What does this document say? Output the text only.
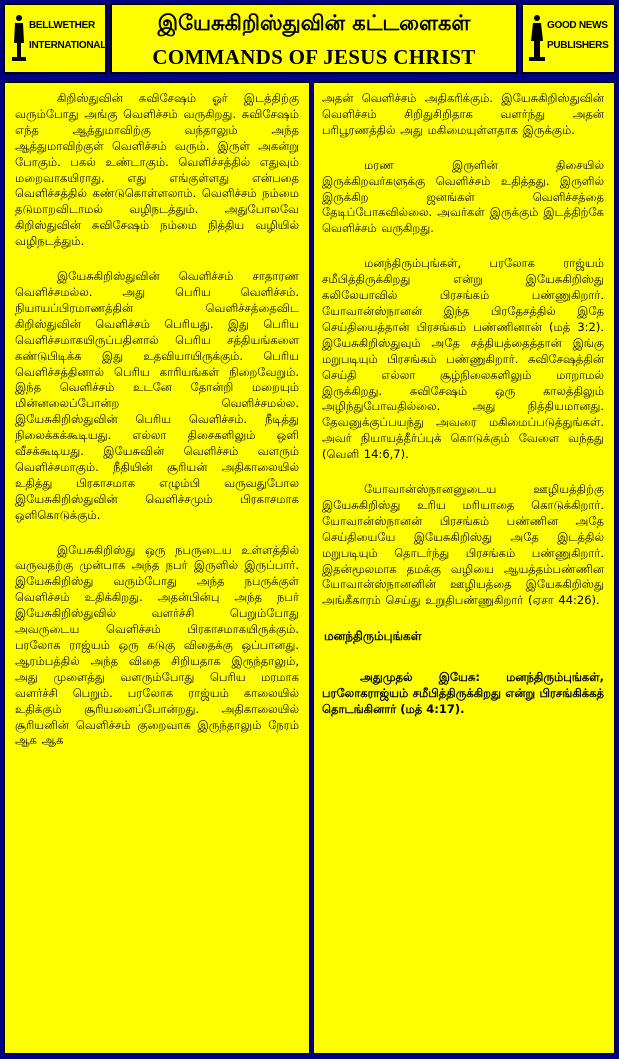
BELLWETHER
INTERNATIONAL
இயேசுகிறிஸ்துவின் கட்டளைகள்
COMMANDS OF JESUS CHRIST
GOOD NEWS
PUBLISHERS

கிறிஸ்துவின் சுவிசேஷம் ஓர் இடத்திற்கு வரும்போது அங்கு வெளிச்சம் வருகிறது. சுவிசேஷம் எந்த ஆத்துமாவிற்கு வந்தாலும் அந்த ஆத்துமாவிற்குள் வெளிச்சம் வரும். இருள் அகன்று போகும். பகல் உண்டாகும். வெளிச்சத்தில் எதுவும் மறைவாகயிராது. எது எங்குள்ளது என்பதை வெளிச்சத்தில் கண்டுகொள்ளலாம். வெளிச்சம் நம்மை தடுமாறவிடாமல் வழிநடத்தும். அதுபோலவே கிறிஸ்துவின் சுவிசேஷம் நம்மை நித்திய வழியில் வழிநடத்தும்.

இயேசுகிறிஸ்துவின் வெளிச்சம் சாதாரண வெளிச்சமல்ல. அது பெரிய வெளிச்சம். நியாயப்பிரமாணத்தின் வெளிச்சத்தைவிட கிறிஸ்துவின் வெளிச்சம் பெரியது. இது பெரிய வெளிச்சமாகயிருப்பதினால் பெரிய சத்தியங்களை கண்டுபிடிக்க இது உதவியாயிருக்கும். பெரிய வெளிச்சத்தினால் பெரிய காரியங்கள் நிறைவேறும். இந்த வெளிச்சம் உடனே தோன்றி மறையும் மின்னலைப்போன்ற வெளிச்சமல்ல. இயேசுகிறிஸ்துவின் பெரிய வெளிச்சம். நீடித்து நிலைக்கக்கூடியது. எல்லா திசைகளிலும் ஒளி வீசக்கூடியது. இயேசுவின் வெளிச்சம் வளரும் வெளிச்சமாகும். நீதியின் சூரியன் அதிகாலையில் உதித்து பிரகாசமாக எழும்பி வருவதுபோல இயேசுகிறிஸ்துவின் வெளிச்சமும் பிரகாசமாக ஒளிகொடுக்கும்.

இயேசுகிறிஸ்து ஒரு நபருடைய உள்ளத்தில் வருவதற்கு முன்பாக அந்த நபர் இருளில் இருப்பார். இயேசுகிறிஸ்து வரும்போது அந்த நபருக்குள் வெளிச்சம் உதிக்கிறது. அதன்பின்பு அந்த நபர் இயேசுகிறிஸ்துவில் வளர்ச்சி பெறும்போது அவருடைய வெளிச்சம் பிரகாசமாகயிருக்கும். பரலோக ராஜ்யம் ஒரு கடுகு விதைக்கு ஒப்பானது. ஆரம்பத்தில் அந்த விதை சிறியதாக இருந்தாலும், அது முளைத்து வளரும்போது பெரிய மரமாக வளர்ச்சி பெறும். பரலோக ராஜ்யம் காலையில் உதிக்கும் சூரியனைப்போன்றது. அதிகாலையில் சூரியனின் வெளிச்சம் குறைவாக இருந்தாலும் நேரம் ஆக ஆக

அதன் வெளிச்சம் அதிகரிக்கும். இயேசுகிறிஸ்துவின் வெளிச்சம் சிறிதுசிறிதாக வளர்ந்து அதன் பரிபூரணத்தில் அது மகிமையுள்ளதாக இருக்கும்.

மரண இருளின் திசையில் இருக்கிறவர்களுக்கு வெளிச்சம் உதித்தது. இருளில் இருக்கிற ஜனங்கள் வெளிச்சத்தை தேடிப்போகவில்லை. அவர்கள் இருக்கும் இடத்திற்கே வெளிச்சம் வருகிறது.

மனந்திரும்புங்கள், பரலோக ராஜ்யம் சமீபித்திருக்கிறது என்று இயேசுகிறிஸ்து கலிலேயாவில் பிரசங்கம் பண்ணுகிறார். யோவான்ஸ்நானன் இந்த பிரதேசத்தில் இதே செய்தியைத்தான் பிரசங்கம் பண்ணினான் (மத் 3:2). இயேசுகிறிஸ்துவும் அதே சத்தியத்தைத்தான் இங்கு மறுபடியும் பிரசங்கம் பண்ணுகிறார். சுவிசேஷத்தின் செய்தி எல்லா சூழ்நிலைகளிலும் மாறாமல் இருக்கிறது. சுவிசேஷம் ஒரு காலத்திலும் அழிந்துபோவதில்லை. அது நித்தியமானது. தேவனுக்குப்பயந்து அவரை மகிமைப்படுத்துங்கள். அவர் நியாயத்தீர்ப்புக் கொடுக்கும் வேளை வந்தது (வெளி 14:6,7).

யோவான்ஸ்நானனுடைய ஊழியத்திற்கு இயேசுகிறிஸ்து உரிய மரியாதை கொடுக்கிறார். யோவான்ஸ்நானன் பிரசங்கம் பண்ணின அதே செய்தியையே இயேசுகிறிஸ்து அதே இடத்தில் மறுபடியும் தொடர்ந்து பிரசங்கம் பண்ணுகிறார். இதன்மூலமாக தமக்கு வழியை ஆயத்தம்பண்ணின யோவான்ஸ்நானனின் ஊழியத்தை இயேசுகிறிஸ்து அங்கீகாரம் செய்து உறுதிபண்ணுகிறார் (ஏசா 44:26).

மனந்திரும்புங்கள்

அதுமுதல் இயேசு: மனந்திரும்புங்கள், பரலோகராஜ்யம் சமீபித்திருக்கிறது என்று பிரசங்கிக்கத் தொடங்கினார் (மத் 4:17).
